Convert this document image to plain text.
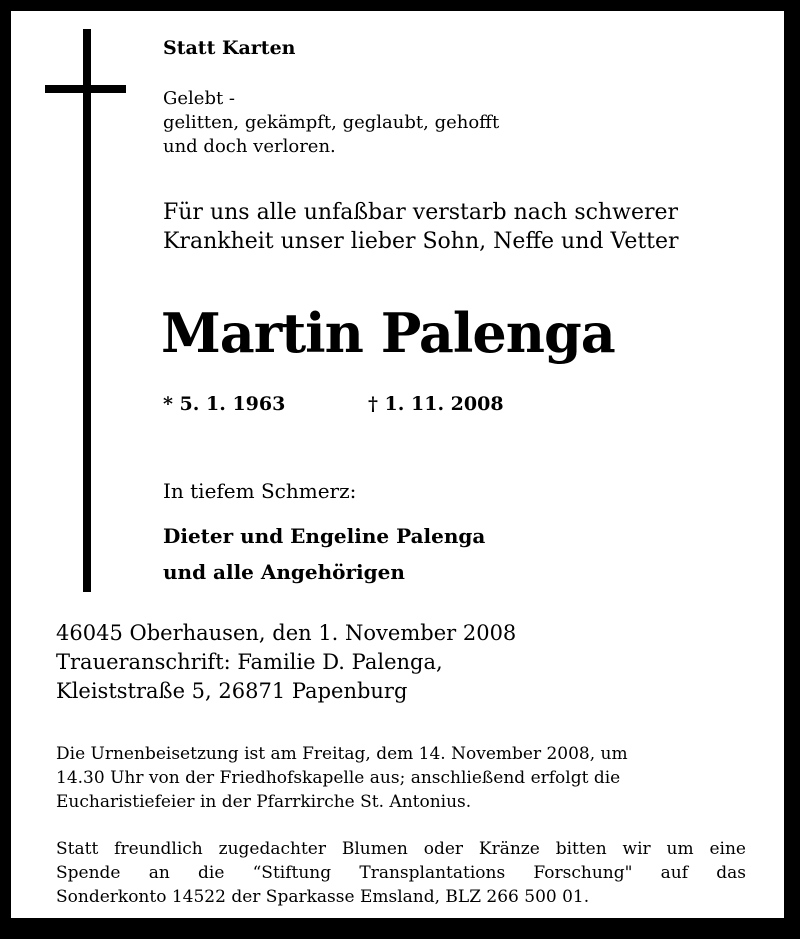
Statt Karten
Gelebt -
gelitten, gekämpft, geglaubt, gehofft
und doch verloren.
Für uns alle unfaßbar verstarb nach schwerer
Krankheit unser lieber Sohn, Neffe und Vetter
Martin Palenga
* 5. 1. 1963	† 1. 11. 2008
In tiefem Schmerz:
Dieter und Engeline Palenga
und alle Angehörigen
46045 Oberhausen, den 1. November 2008
Traueranschrift: Familie D. Palenga,
Kleiststraße 5, 26871 Papenburg
Die Urnenbeisetzung ist am Freitag, dem 14. November 2008, um
14.30 Uhr von der Friedhofskapelle aus; anschließend erfolgt die
Eucharistiefeier in der Pfarrkirche St. Antonius.
Statt freundlich zugedachter Blumen oder Kränze bitten wir um eine
Spende an die “Stiftung Transplantations Forschung" auf das
Sonderkonto 14522 der Sparkasse Emsland, BLZ 266 500 01.
